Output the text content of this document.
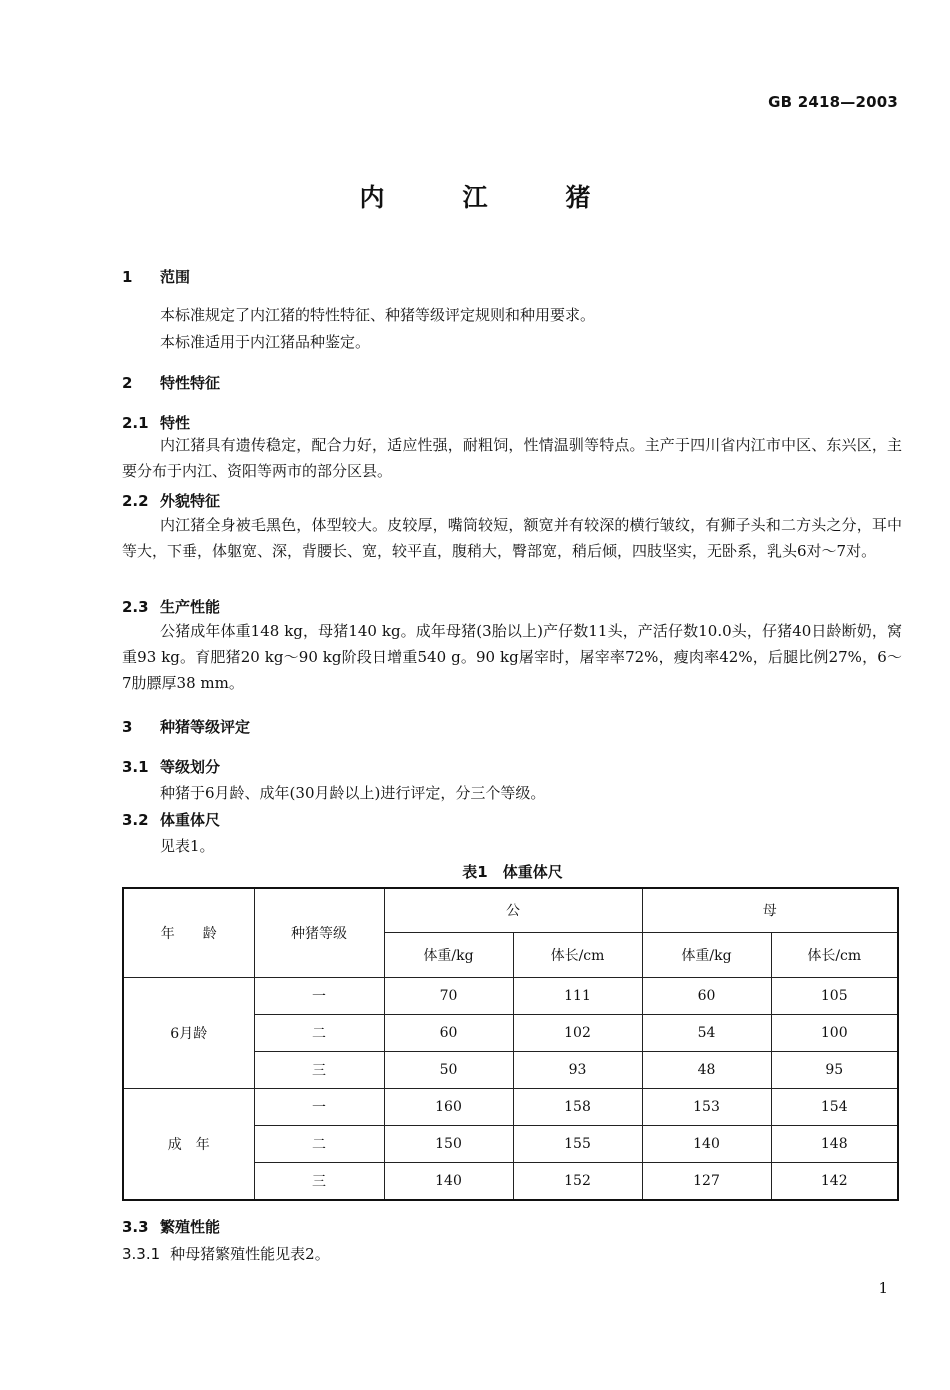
GB 2418—2003
内江猪
1 范围
本标准规定了内江猪的特性特征、种猪等级评定规则和种用要求。
本标准适用于内江猪品种鉴定。
2 特性特征
2.1 特性

内江猪具有遗传稳定，配合力好，适应性强，耐粗饲，性情温驯等特点。主产于四川省内江市中区、东兴区，主要分布于内江、资阳等两市的部分区县。

2.2 外貌特征

内江猪全身被毛黑色，体型较大。皮较厚，嘴筒较短，额宽并有较深的横行皱纹，有狮子头和二方头之分，耳中等大，下垂，体躯宽、深，背腰长、宽，较平直，腹稍大，臀部宽，稍后倾，四肢坚实，无卧系，乳头6对～7对。

2.3 生产性能

公猪成年体重148 kg，母猪140 kg。成年母猪(3胎以上)产仔数11头，产活仔数10.0头，仔猪40日龄断奶，窝重93 kg。育肥猪20 kg～90 kg阶段日增重540 g。90 kg屠宰时，屠宰率72%，瘦肉率42%，后腿比例27%，6～7肋膘厚38 mm。

3 种猪等级评定
3.1 等级划分
种猪于6月龄、成年(30月龄以上)进行评定，分三个等级。
3.2 体重体尺
见表1。
表1　体重体尺
年　　龄	种猪等级	公		母	
		体重/kg	体长/cm	体重/kg	体长/cm
6月龄	一	70	111	60	105
	二	60	102	54	100
	三	50	93	48	95
成　年	一	160	158	153	154
	二	150	155	140	148
	三	140	152	127	142
3.3 繁殖性能
3.3.1 种母猪繁殖性能见表2。
1
